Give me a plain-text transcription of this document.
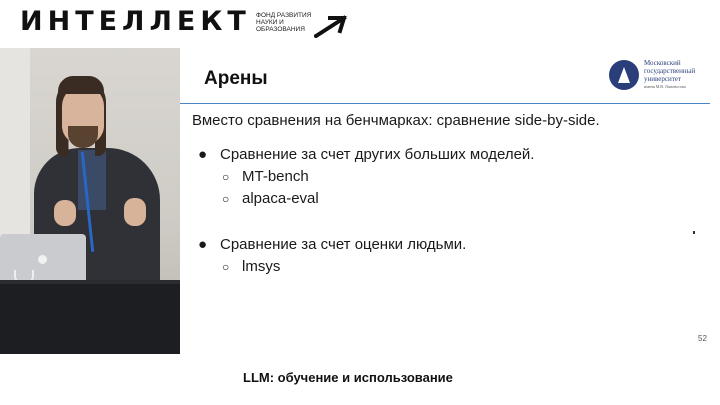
ИНТЕЛЛЕКТ ФОНД РАЗВИТИЯ НАУКИ И ОБРАЗОВАНИЯ
Арены
Московский государственный университет
имени М.В. Ломоносова
Вместо сравнения на бенчмарках: сравнение side-by-side.
● Сравнение за счет других больших моделей.
○ MT-bench
○ alpaca-eval
● Сравнение за счет оценки людьми.
○ lmsys
52
LLM: обучение и использование
